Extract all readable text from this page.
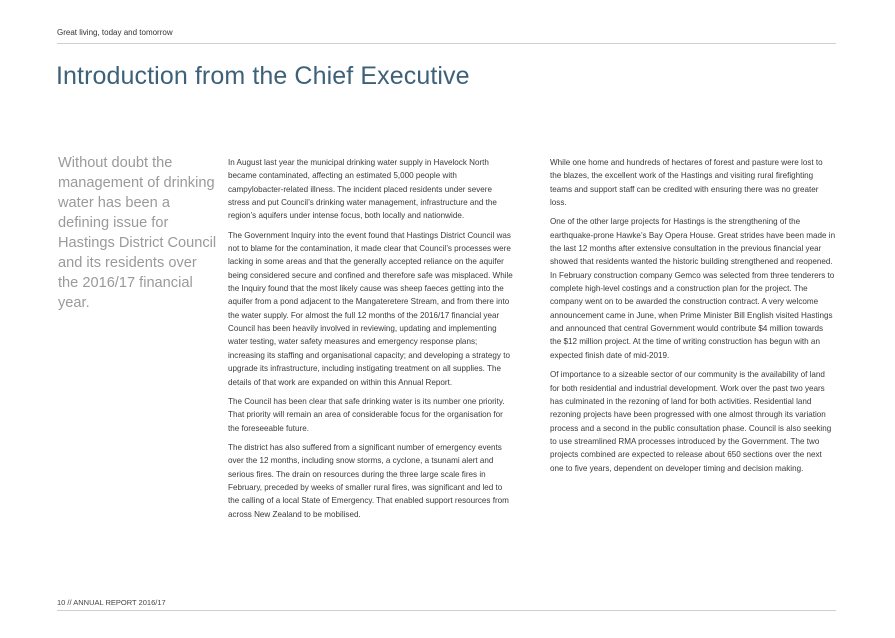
Great living, today and tomorrow
Introduction from the Chief Executive

Without doubt the management of drinking water has been a defining issue for Hastings District Council and its residents over the 2016/17 financial year.

In August last year the municipal drinking water supply in Havelock North became contaminated, affecting an estimated 5,000 people with campylobacter-related illness. The incident placed residents under severe stress and put Council’s drinking water management, infrastructure and the region’s aquifers under intense focus, both locally and nationwide.

The Government Inquiry into the event found that Hastings District Council was not to blame for the contamination, it made clear that Council’s processes were lacking in some areas and that the generally accepted reliance on the aquifer being considered secure and confined and therefore safe was misplaced. While the Inquiry found that the most likely cause was sheep faeces getting into the aquifer from a pond adjacent to the Mangateretere Stream, and from there into the water supply. For almost the full 12 months of the 2016/17 financial year Council has been heavily involved in reviewing, updating and implementing water testing, water safety measures and emergency response plans; increasing its staffing and organisational capacity; and developing a strategy to upgrade its infrastructure, including instigating treatment on all supplies. The details of that work are expanded on within this Annual Report.

The Council has been clear that safe drinking water is its number one priority. That priority will remain an area of considerable focus for the organisation for the foreseeable future.

The district has also suffered from a significant number of emergency events over the 12 months, including snow storms, a cyclone, a tsunami alert and serious fires. The drain on resources during the three large scale fires in February, preceded by weeks of smaller rural fires, was significant and led to the calling of a local State of Emergency. That enabled support resources from across New Zealand to be mobilised.

While one home and hundreds of hectares of forest and pasture were lost to the blazes, the excellent work of the Hastings and visiting rural firefighting teams and support staff can be credited with ensuring there was no greater loss.

One of the other large projects for Hastings is the strengthening of the earthquake-prone Hawke’s Bay Opera House. Great strides have been made in the last 12 months after extensive consultation in the previous financial year showed that residents wanted the historic building strengthened and reopened. In February construction company Gemco was selected from three tenderers to complete high-level costings and a construction plan for the project. The company went on to be awarded the construction contract. A very welcome announcement came in June, when Prime Minister Bill English visited Hastings and announced that central Government would contribute $4 million towards the $12 million project. At the time of writing construction has begun with an expected finish date of mid-2019.

Of importance to a sizeable sector of our community is the availability of land for both residential and industrial development. Work over the past two years has culminated in the rezoning of land for both activities. Residential land rezoning projects have been progressed with one almost through its variation process and a second in the public consultation phase. Council is also seeking to use streamlined RMA processes introduced by the Government. The two projects combined are expected to release about 650 sections over the next one to five years, dependent on developer timing and decision making.

10 // ANNUAL REPORT 2016/17
